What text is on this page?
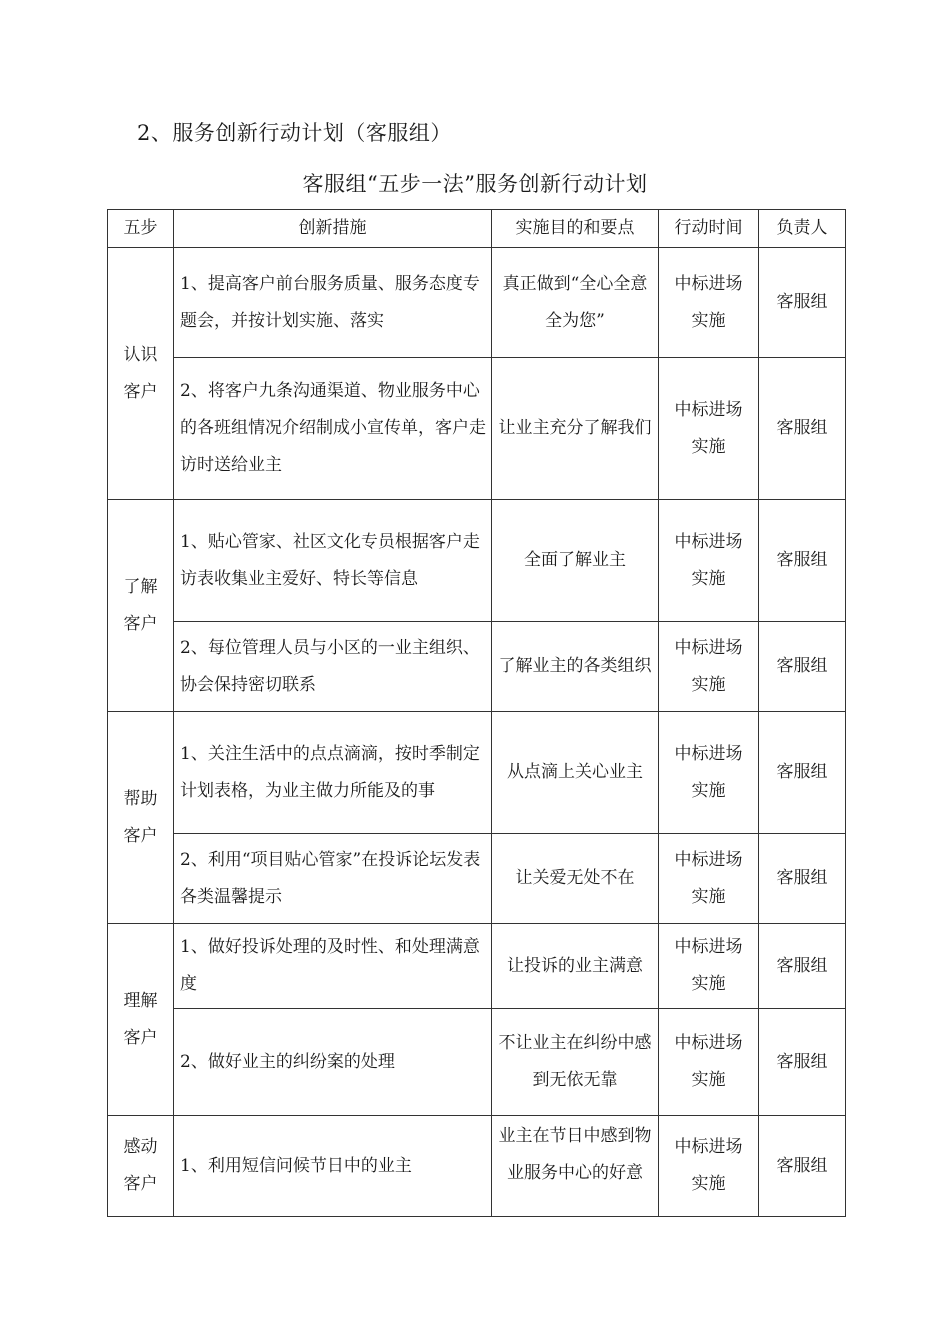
2、服务创新行动计划（客服组）
客服组“五步一法”服务创新行动计划
五步	创新措施	实施目的和要点	行动时间	负责人

认识客户	1、提高客户前台服务质量、服务态度专题会，并按计划实施、落实	真正做到“全心全意全为您”	中标进场实施	客服组
	2、将客户九条沟通渠道、物业服务中心的各班组情况介绍制成小宣传单，客户走访时送给业主	让业主充分了解我们	中标进场实施	客服组

了解客户	1、贴心管家、社区文化专员根据客户走访表收集业主爱好、特长等信息	全面了解业主	中标进场实施	客服组
	2、每位管理人员与小区的一业主组织、协会保持密切联系	了解业主的各类组织	中标进场实施	客服组

帮助客户	1、关注生活中的点点滴滴，按时季制定计划表格，为业主做力所能及的事	从点滴上关心业主	中标进场实施	客服组
	2、利用“项目贴心管家”在投诉论坛发表各类温馨提示	让关爱无处不在	中标进场实施	客服组

理解客户	1、做好投诉处理的及时性、和处理满意度	让投诉的业主满意	中标进场实施	客服组
	2、做好业主的纠纷案的处理	不让业主在纠纷中感到无依无靠	中标进场实施	客服组

感动客户	1、利用短信问候节日中的业主	业主在节日中感到物业服务中心的好意	中标进场实施	客服组
